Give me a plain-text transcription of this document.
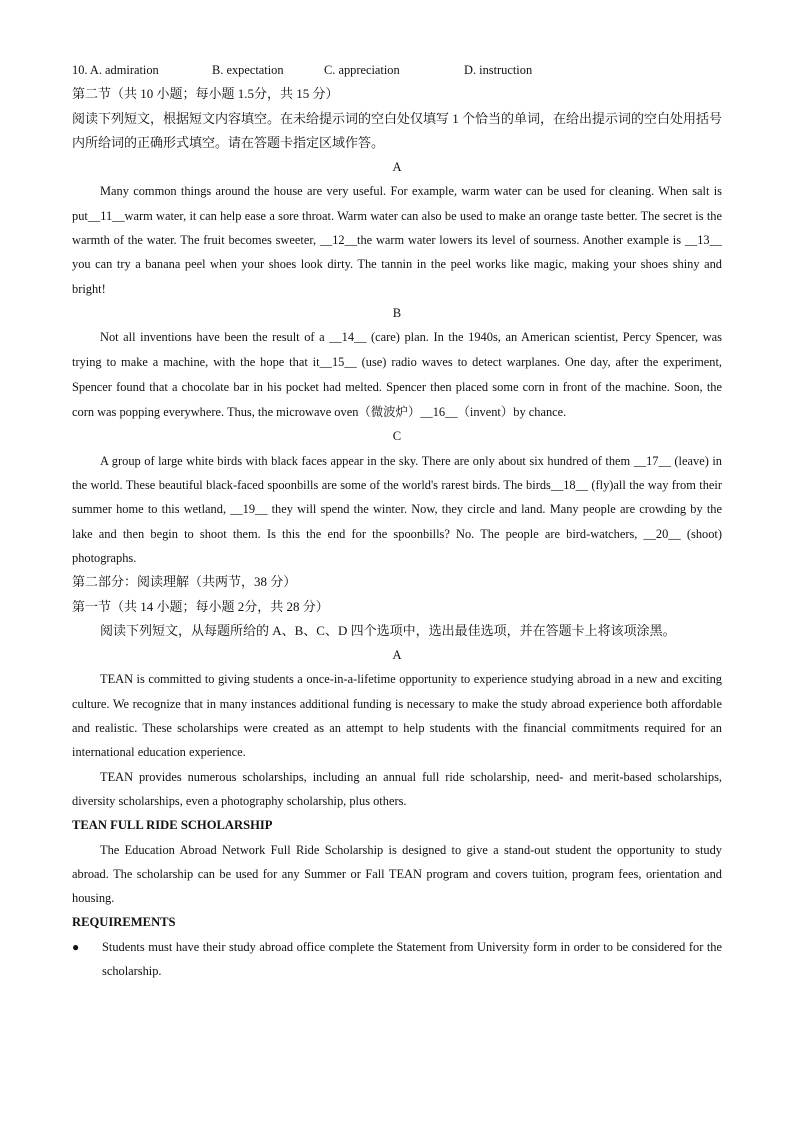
10. A. admiration	B. expectation	C. appreciation	D. instruction

第二节（共 10 小题；每小题 1.5分，共 15 分）

阅读下列短文，根据短文内容填空。在未给提示词的空白处仅填写 1 个恰当的单词，在给出提示词的空白处用括号内所给词的正确形式填空。请在答题卡指定区域作答。

A

Many common things around the house are very useful. For example, warm water can be used for cleaning. When salt is put__11__warm water, it can help ease a sore throat. Warm water can also be used to make an orange taste better. The secret is the warmth of the water. The fruit becomes sweeter, __12__the warm water lowers its level of sourness. Another example is __13__ you can try a banana peel when your shoes look dirty. The tannin in the peel works like magic, making your shoes shiny and bright!

B

Not all inventions have been the result of a __14__ (care) plan. In the 1940s, an American scientist, Percy Spencer, was trying to make a machine, with the hope that it__15__ (use) radio waves to detect warplanes. One day, after the experiment, Spencer found that a chocolate bar in his pocket had melted. Spencer then placed some corn in front of the machine. Soon, the corn was popping everywhere. Thus, the microwave oven（微波炉）__16__（invent）by chance.

C

A group of large white birds with black faces appear in the sky. There are only about six hundred of them __17__ (leave) in the world. These beautiful black-faced spoonbills are some of the world's rarest birds. The birds__18__ (fly)all the way from their summer home to this wetland, __19__ they will spend the winter. Now, they circle and land. Many people are crowding by the lake and then begin to shoot them. Is this the end for the spoonbills? No. The people are bird-watchers, __20__ (shoot) photographs.

第二部分：阅读理解（共两节，38 分）

第一节（共 14 小题；每小题 2分，共 28 分）

阅读下列短文，从每题所给的 A、B、C、D 四个选项中，选出最佳选项，并在答题卡上将该项涂黑。

A

TEAN is committed to giving students a once-in-a-lifetime opportunity to experience studying abroad in a new and exciting culture. We recognize that in many instances additional funding is necessary to make the study abroad experience both affordable and realistic. These scholarships were created as an attempt to help students with the financial commitments required for an international education experience.

TEAN provides numerous scholarships, including an annual full ride scholarship, need- and merit-based scholarships, diversity scholarships, even a photography scholarship, plus others.

TEAN FULL RIDE SCHOLARSHIP

The Education Abroad Network Full Ride Scholarship is designed to give a stand-out student the opportunity to study abroad. The scholarship can be used for any Summer or Fall TEAN program and covers tuition, program fees, orientation and housing.

REQUIREMENTS

●	Students must have their study abroad office complete the Statement from University form in order to be considered for the scholarship.
